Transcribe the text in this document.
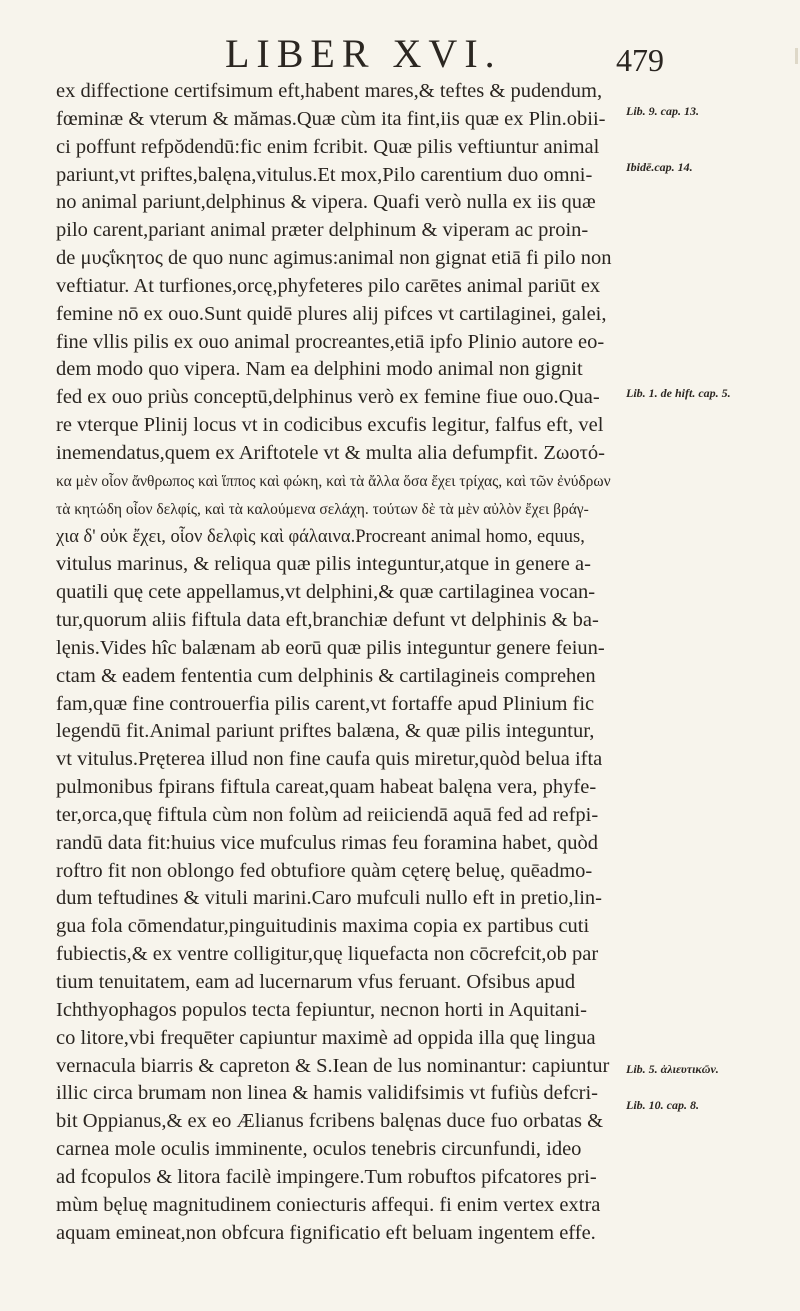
LIBER XVI.	479
ex diffectione certifsimum eft,habent mares,& teftes & pudendum,
fœminæ & vterum & mămas.Quæ cùm ita fint,iis quæ ex Plin.obii-
ci poffunt refpŏdendū:fic enim fcribit. Quæ pilis veftiuntur animal
pariunt,vt priftes,balęna,vitulus.Et mox,Pilo carentium duo omni-
no animal pariunt,delphinus & vipera. Quafi verò nulla ex iis quæ
pilo carent,pariant animal præter delphinum & viperam ac proin-
de μυςΐκητος de quo nunc agimus:animal non gignat etiā fi pilo non
veftiatur. At turfiones,orcę,phyfeteres pilo carētes animal pariūt ex
femine nō ex ouo.Sunt quidē plures alij pifces vt cartilaginei, galei,
fine vllis pilis ex ouo animal procreantes,etiā ipfo Plinio autore eo-
dem modo quo vipera. Nam ea delphini modo animal non gignit
fed ex ouo priùs conceptū,delphinus verò ex femine fiue ouo.Qua-
re vterque Plinij locus vt in codicibus excufis legitur, falfus eft, vel
inemendatus,quem ex Ariftotele vt & multa alia defumpfit. Ζωοτό-
κα μὲν οἷον ἄνθρωπος καὶ ἵππος καὶ φώκη, καὶ τὰ ἄλλα ὅσα ἔχει τρίχας, καὶ τῶν ἐνύδρων
τὰ κητώδη οἷον δελφίς, καὶ τὰ καλούμενα σελάχη. τούτων δὲ τὰ μὲν αὐλὸν ἔχει βράγ-
χια δ' οὐκ ἔχει, οἷον δελφὶς καὶ φάλαινα.Procreant animal homo, equus,
vitulus marinus, & reliqua quæ pilis integuntur,atque in genere a-
quatili quę cete appellamus,vt delphini,& quæ cartilaginea vocan-
tur,quorum aliis fiftula data eft,branchiæ defunt vt delphinis & ba-
lęnis.Vides hîc balænam ab eorū quæ pilis integuntur genere feiun-
ctam & eadem fententia cum delphinis & cartilagineis comprehen
fam,quæ fine controuerfia pilis carent,vt fortaffe apud Plinium fic
legendū fit.Animal pariunt priftes balæna, & quæ pilis integuntur,
vt vitulus.Pręterea illud non fine caufa quis miretur,quòd belua ifta
pulmonibus fpirans fiftula careat,quam habeat balęna vera, phyfe-
ter,orca,quę fiftula cùm non folùm ad reiiciendā aquā fed ad refpi-
randū data fit:huius vice mufculus rimas feu foramina habet, quòd
roftro fit non oblongo fed obtufiore quàm cęterę beluę, quēadmo-
dum teftudines & vituli marini.Caro mufculi nullo eft in pretio,lin-
gua fola cōmendatur,pinguitudinis maxima copia ex partibus cuti
fubiectis,& ex ventre colligitur,quę liquefacta non cōcrefcit,ob par
tium tenuitatem, eam ad lucernarum vfus feruant. Ofsibus apud
Ichthyophagos populos tecta fepiuntur, necnon horti in Aquitani-
co litore,vbi frequēter capiuntur maximè ad oppida illa quę lingua
vernacula biarris & capreton & S.Iean de lus nominantur: capiuntur
illic circa brumam non linea & hamis validifsimis vt fufiùs defcri-
bit Oppianus,& ex eo Ælianus fcribens balęnas duce fuo orbatas &
carnea mole oculis imminente, oculos tenebris circunfundi, ideo
ad fcopulos & litora facilè impingere.Tum robuftos pifcatores pri-
mùm bęluę magnitudinem coniecturis affequi. fi enim vertex extra
aquam emineat,non obfcura fignificatio eft beluam ingentem effe.
Lib. 9. cap. 13.
Ibidē.cap. 14.
Lib. 1. de hift. cap. 5.
Lib. 5. ἁλιευτικῶν.
Lib. 10. cap. 8.
